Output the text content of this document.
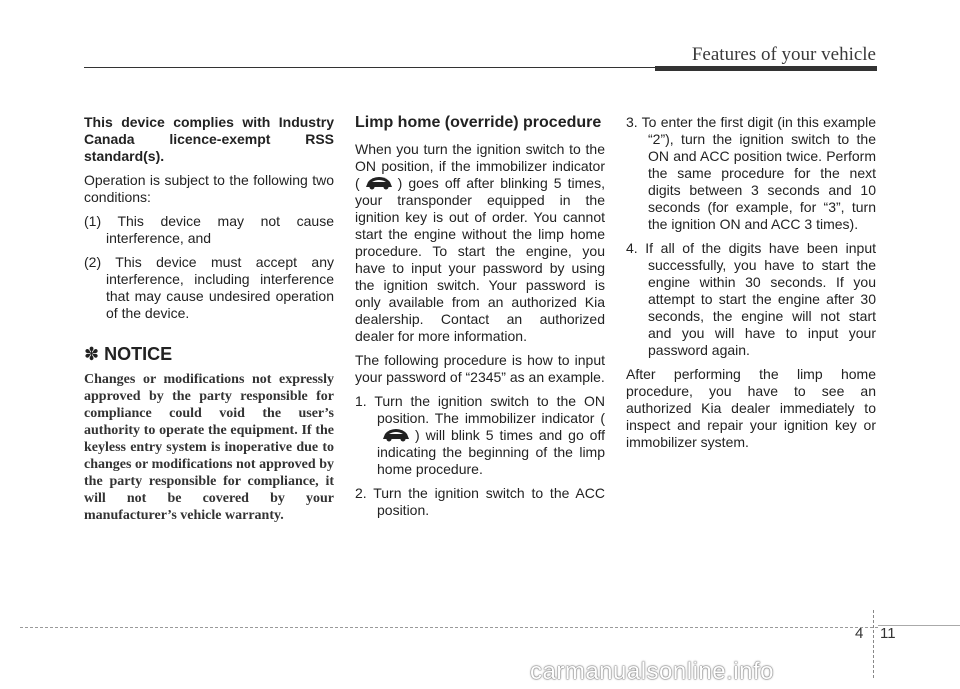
Features of your vehicle

This device complies with Industry Canada licence-exempt RSS standard(s).

Operation is subject to the following two conditions:

(1) This device may not cause interference, and

(2) This device must accept any interference, including interference that may cause undesired operation of the device.

✽ NOTICE
Changes or modifications not expressly approved by the party responsible for compliance could void the user’s authority to operate the equipment. If the keyless entry system is inoperative due to changes or modifications not approved by the party responsible for compliance, it will not be covered by your manufacturer’s vehicle warranty.
Limp home (override) procedure

When you turn the ignition switch to the ON position, if the immobilizer indicator (	) goes off after blinking 5 times, your transponder equipped in the ignition key is out of order. You cannot start the engine without the limp home procedure. To start the engine, you have to input your password by using the ignition switch. Your password is only available from an authorized Kia dealership. Contact an authorized dealer for more information.

The following procedure is how to input your password of “2345” as an example.

1. Turn the ignition switch to the ON position. The immobilizer indicator () will blink 5 times and go off indicating the beginning of the limp home procedure.

2. Turn the ignition switch to the ACC position.

3. To enter the first digit (in this example “2”), turn the ignition switch to the ON and ACC position twice. Perform the same procedure for the next digits between 3 seconds and 10 seconds (for example, for “3”, turn the ignition ON and ACC 3 times).

4. If all of the digits have been input successfully, you have to start the engine within 30 seconds. If you attempt to start the engine after 30 seconds, the engine will not start and you will have to input your password again.

After performing the limp home procedure, you have to see an authorized Kia dealer immediately to inspect and repair your ignition key or immobilizer system.

4 11
carmanualsonline.info
